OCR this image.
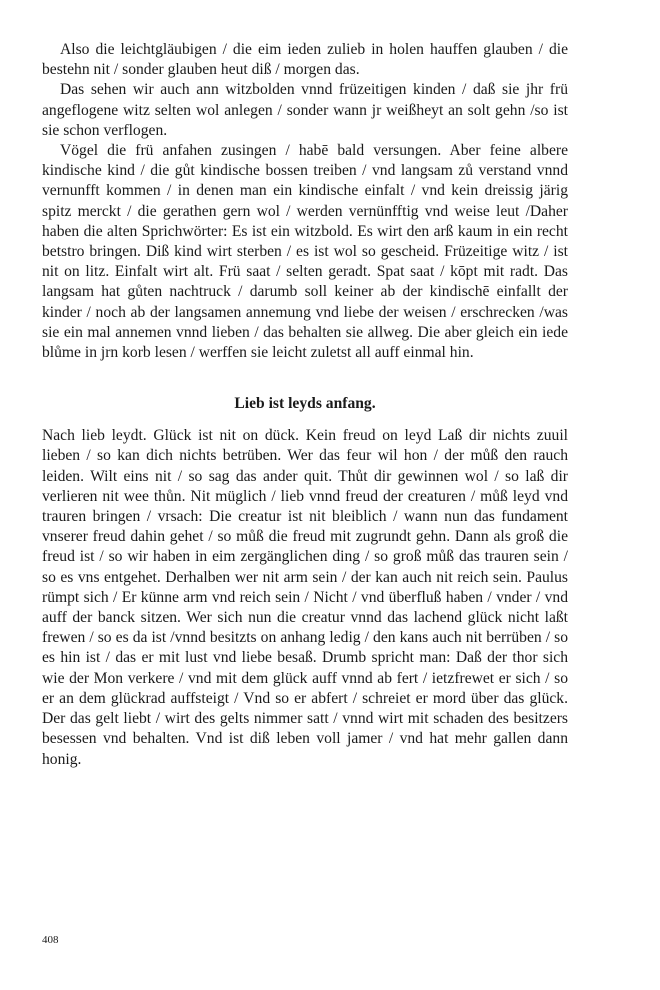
Also die leichtgläubigen / die eim ieden zulieb in holen hauffen glauben / die bestehn nit / sonder glauben heut diß / morgen das.

Das sehen wir auch ann witzbolden vnnd früzeitigen kinden / daß sie jhr frü angeflogene witz selten wol anlegen / sonder wann jr weißheyt an solt gehn /so ist sie schon verflogen.

Vögel die frü anfahen zusingen / habē bald versungen. Aber feine albere kindische kind / die gůt kindische bossen treiben / vnd langsam zů verstand vnnd vernunfft kommen / in denen man ein kindische einfalt / vnd kein dreissig järig spitz merckt / die gerathen gern wol / werden vernünfftig vnd weise leut /Daher haben die alten Sprichwörter: Es ist ein witzbold. Es wirt den arß kaum in ein recht betstro bringen. Diß kind wirt sterben / es ist wol so gescheid. Früzeitige witz / ist nit on litz. Einfalt wirt alt. Frü saat / selten geradt. Spat saat / kōpt mit radt. Das langsam hat gůten nachtruck / darumb soll keiner ab der kindischē einfallt der kinder / noch ab der langsamen annemung vnd liebe der weisen / erschrecken /was sie ein mal annemen vnnd lieben / das behalten sie allweg. Die aber gleich ein iede blůme in jrn korb lesen / werffen sie leicht zuletst all auff einmal hin.

Lieb ist leyds anfang.

Nach lieb leydt. Glück ist nit on dück. Kein freud on leyd Laß dir nichts zuuil lieben / so kan dich nichts betrüben. Wer das feur wil hon / der můß den rauch leiden. Wilt eins nit / so sag das ander quit. Thůt dir gewinnen wol / so laß dir verlieren nit wee thůn. Nit müglich / lieb vnnd freud der creaturen / můß leyd vnd trauren bringen / vrsach: Die creatur ist nit bleiblich / wann nun das fundament vnserer freud dahin gehet / so můß die freud mit zugrundt gehn. Dann als groß die freud ist / so wir haben in eim zergänglichen ding / so groß můß das trauren sein / so es vns entgehet. Derhalben wer nit arm sein / der kan auch nit reich sein. Paulus rümpt sich / Er künne arm vnd reich sein / Nicht / vnd überfluß haben / vnder / vnd auff der banck sitzen. Wer sich nun die creatur vnnd das lachend glück nicht laßt frewen / so es da ist /vnnd besitzts on anhang ledig / den kans auch nit berrüben / so es hin ist / das er mit lust vnd liebe besaß. Drumb spricht man: Daß der thor sich wie der Mon verkere / vnd mit dem glück auff vnnd ab fert / ietzfrewet er sich / so er an dem glückrad auffsteigt / Vnd so er abfert / schreiet er mord über das glück. Der das gelt liebt / wirt des gelts nimmer satt / vnnd wirt mit schaden des besitzers besessen vnd behalten. Vnd ist diß leben voll jamer / vnd hat mehr gallen dann honig.

408
